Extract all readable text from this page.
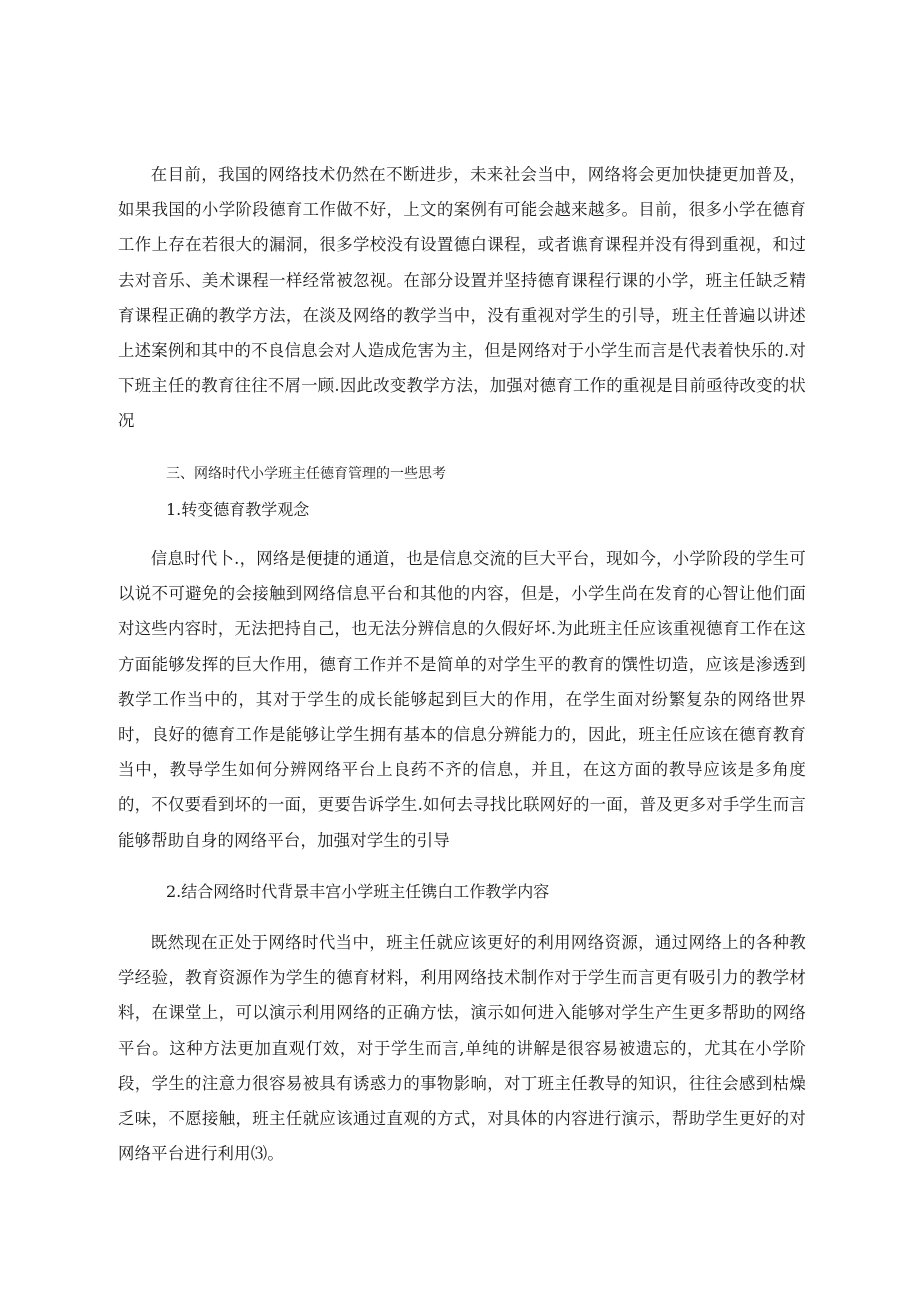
在目前，我国的网络技术仍然在不断进步，未来社会当中，网络将会更加快捷更加普及，如果我国的小学阶段德育工作做不好，上文的案例有可能会越来越多。目前，很多小学在德育工作上存在若很大的漏洞，很多学校没有设置德白课程，或者谯育课程并没有得到重视，和过去对音乐、美术课程一样经常被忽视。在部分设置并坚持德育课程行课的小学，班主任缺乏精育课程正确的教学方法，在淡及网络的教学当中，没有重视对学生的引导，班主任普遍以讲述上述案例和其中的不良信息会对人造成危害为主，但是网络对于小学生而言是代表着快乐的.对下班主任的教育往往不屑一顾.因此改变教学方法，加强对德育工作的重视是目前亟待改变的状况

三、网络时代小学班主任德育管理的一些思考
1.转变德育教学观念

信息时代卜.，网络是便捷的通道，也是信息交流的巨大平台，现如今，小学阶段的学生可以说不可避免的会接触到网络信息平台和其他的内容，但是，小学生尚在发育的心智让他们面对这些内容时，无法把持自己，也无法分辨信息的久假好坏.为此班主任应该重视德育工作在这方面能够发挥的巨大作用，德育工作并不是简单的对学生平的教育的馔性切造，应该是渗透到教学工作当中的，其对于学生的成长能够起到巨大的作用，在学生面对纷繁复杂的网络世界时，良好的德育工作是能够让学生拥有基本的信息分辨能力的，因此，班主任应该在德育教育当中，教导学生如何分辨网络平台上良药不齐的信息，并且，在这方面的教导应该是多角度的，不仅要看到坏的一面，更要告诉学生.如何去寻找比联网好的一面，普及更多对手学生而言能够帮助自身的网络平台，加强对学生的引导

2.结合网络时代背景丰宫小学班主任镌白工作教学内容

既然现在正处于网络时代当中，班主任就应该更好的利用网络资源，通过网络上的各种教学经验，教育资源作为学生的德育材料，利用网络技术制作对于学生而言更有吸引力的教学材料，在课堂上，可以演示利用网络的正确方怯，演示如何进入能够对学生产生更多帮助的网络平台。这种方法更加直观仃效，对于学生而言,单纯的讲解是很容易被遗忘的，尤其在小学阶段，学生的注意力很容易被具有诱惑力的事物影晌，对丁班主任教导的知识，往往会感到枯燥乏味，不愿接触，班主任就应该通过直观的方式，对具体的内容进行演示，帮助学生更好的对网络平台进行利用⑶。
